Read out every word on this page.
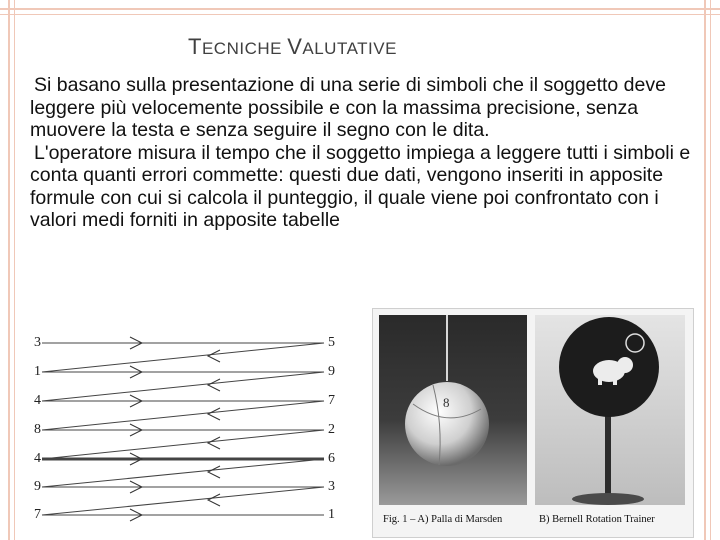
TECNICHE VALUTATIVE

Si basano sulla presentazione di una serie di simboli che il soggetto deve leggere più velocemente possibile e con la massima precisione, senza muovere la testa e senza seguire il segno con le dita.

L'operatore misura il tempo che il soggetto impiega a leggere tutti i simboli e conta quanti errori commette: questi due dati, vengono inseriti in apposite formule con cui si calcola il punteggio, il quale viene poi confrontato con i valori medi forniti in apposite tabelle

3
1
4
8
4
9
7
5
9
7
2
6
3
1
8
Fig. 1 – A) Palla di Marsden	B) Bernell Rotation Trainer
